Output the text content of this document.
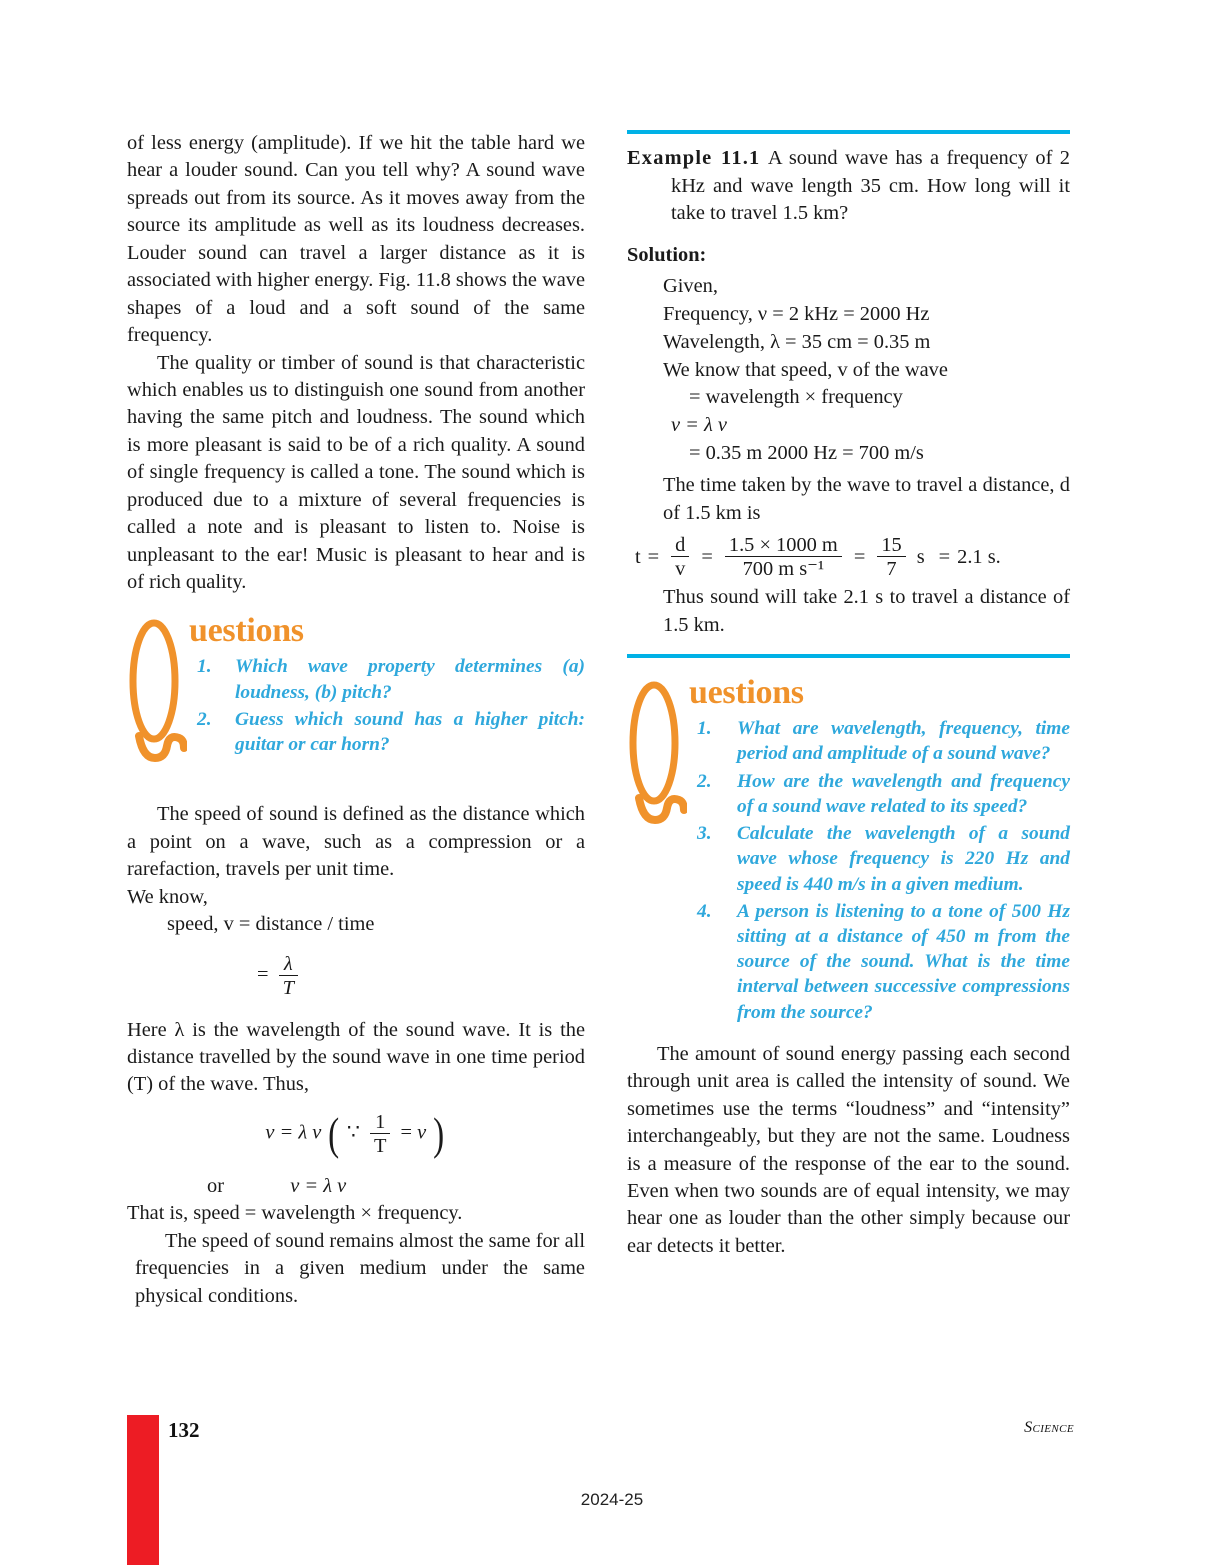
of less energy (amplitude). If we hit the table hard we hear a louder sound. Can you tell why? A sound wave spreads out from its source. As it moves away from the source its amplitude as well as its loudness decreases. Louder sound can travel a larger distance as it is associated with higher energy. Fig. 11.8 shows the wave shapes of a loud and a soft sound of the same frequency.

The quality or timber of sound is that characteristic which enables us to distinguish one sound from another having the same pitch and loudness. The sound which is more pleasant is said to be of a rich quality. A sound of single frequency is called a tone. The sound which is produced due to a mixture of several frequencies is called a note and is pleasant to listen to. Noise is unpleasant to the ear! Music is pleasant to hear and is of rich quality.

uestions
Which wave property determines (a) loudness, (b) pitch?
Guess which sound has a higher pitch: guitar or car horn?

The speed of sound is defined as the distance which a point on a wave, such as a compression or a rarefaction, travels per unit time.

We know,

speed, v = distance / time

= $\frac{\lambda}{T}$

Here λ is the wavelength of the sound wave. It is the distance travelled by the sound wave in one time period (T) of the wave. Thus,

v = λ ν ( ∵ $\frac{1}{T} = \nu$ )

or	v = λ ν

That is, speed = wavelength × frequency.

The speed of sound remains almost the same for all frequencies in a given medium under the same physical conditions.

Example 11.1 A sound wave has a frequency of 2 kHz and wave length 35 cm. How long will it take to travel 1.5 km?

Solution:
Given,
Frequency, ν = 2 kHz = 2000 Hz
Wavelength, λ = 35 cm = 0.35 m
We know that speed, v of the wave
= wavelength × frequency
v = λ ν
= 0.35 m 2000 Hz = 700 m/s
The time taken by the wave to travel a distance, d of 1.5 km is
$t = \frac{d}{v} = \frac{1.5 \times 1000 m}{\text{700 m s⁻¹}} = \frac{15}{7}$ s = 2.1 s.
Thus sound will take 2.1 s to travel a distance of 1.5 km.
uestions
What are wavelength, frequency, time period and amplitude of a sound wave?
How are the wavelength and frequency of a sound wave related to its speed?
Calculate the wavelength of a sound wave whose frequency is 220 Hz and speed is 440 m/s in a given medium.
A person is listening to a tone of 500 Hz sitting at a distance of 450 m from the source of the sound. What is the time interval between successive compressions from the source?

The amount of sound energy passing each second through unit area is called the intensity of sound. We sometimes use the terms “loudness” and “intensity” interchangeably, but they are not the same. Loudness is a measure of the response of the ear to the sound. Even when two sounds are of equal intensity, we may hear one as louder than the other simply because our ear detects it better.

132	Science
2024-25
